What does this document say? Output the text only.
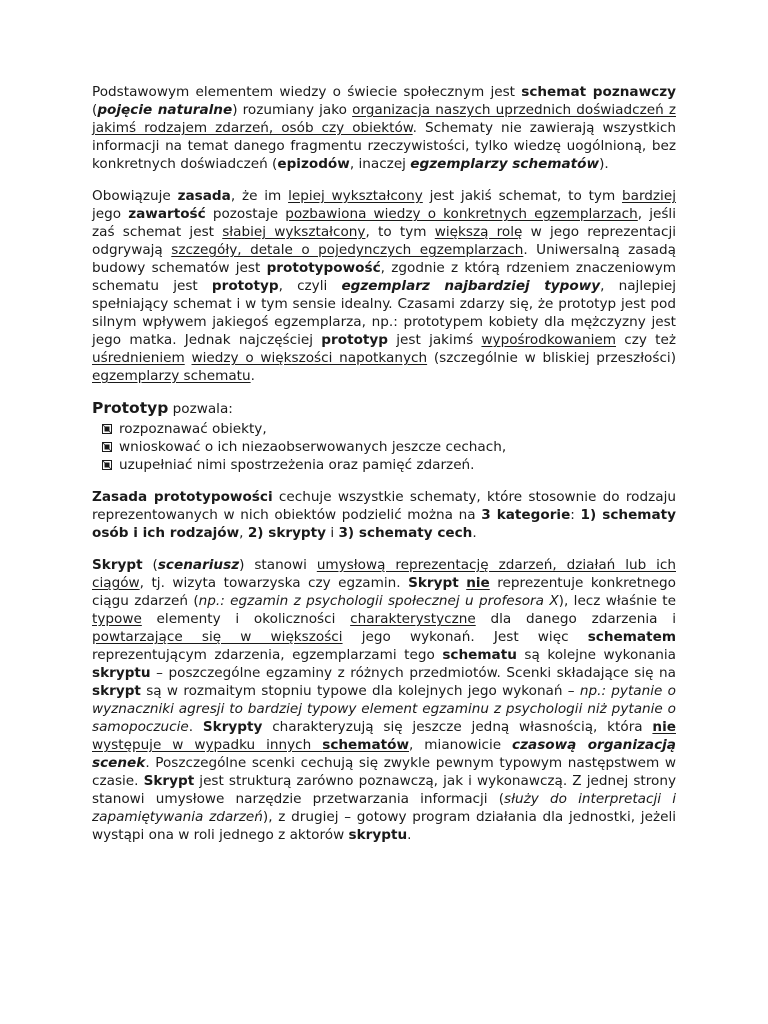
Podstawowym elementem wiedzy o świecie społecznym jest schemat poznawczy (pojęcie naturalne) rozumiany jako organizacja naszych uprzednich doświadczeń z jakimś rodzajem zdarzeń, osób czy obiektów. Schematy nie zawierają wszystkich informacji na temat danego fragmentu rzeczywistości, tylko wiedzę uogólnioną, bez konkretnych doświadczeń (epizodów, inaczej egzemplarzy schematów).

Obowiązuje zasada, że im lepiej wykształcony jest jakiś schemat, to tym bardziej jego zawartość pozostaje pozbawiona wiedzy o konkretnych egzemplarzach, jeśli zaś schemat jest słabiej wykształcony, to tym większą rolę w jego reprezentacji odgrywają szczegóły, detale o pojedynczych egzemplarzach. Uniwersalną zasadą budowy schematów jest prototypowość, zgodnie z którą rdzeniem znaczeniowym schematu jest prototyp, czyli egzemplarz najbardziej typowy, najlepiej spełniający schemat i w tym sensie idealny. Czasami zdarzy się, że prototyp jest pod silnym wpływem jakiegoś egzemplarza, np.: prototypem kobiety dla mężczyzny jest jego matka. Jednak najczęściej prototyp jest jakimś wypośrodkowaniem czy też uśrednieniem wiedzy o większości napotkanych (szczególnie w bliskiej przeszłości) egzemplarzy schematu.

Prototyp pozwala:

rozpoznawać obiekty,
wnioskować o ich niezaobserwowanych jeszcze cechach,
uzupełniać nimi spostrzeżenia oraz pamięć zdarzeń.

Zasada prototypowości cechuje wszystkie schematy, które stosownie do rodzaju reprezentowanych w nich obiektów podzielić można na 3 kategorie: 1) schematy osób i ich rodzajów, 2) skrypty i 3) schematy cech.

Skrypt (scenariusz) stanowi umysłową reprezentację zdarzeń, działań lub ich ciągów, tj. wizyta towarzyska czy egzamin. Skrypt nie reprezentuje konkretnego ciągu zdarzeń (np.: egzamin z psychologii społecznej u profesora X), lecz właśnie te typowe elementy i okoliczności charakterystyczne dla danego zdarzenia i powtarzające się w większości jego wykonań. Jest więc schematem reprezentującym zdarzenia, egzemplarzami tego schematu są kolejne wykonania skryptu – poszczególne egzaminy z różnych przedmiotów. Scenki składające się na skrypt są w rozmaitym stopniu typowe dla kolejnych jego wykonań – np.: pytanie o wyznaczniki agresji to bardziej typowy element egzaminu z psychologii niż pytanie o samopoczucie. Skrypty charakteryzują się jeszcze jedną własnością, która nie występuje w wypadku innych schematów, mianowicie czasową organizacją scenek. Poszczególne scenki cechują się zwykle pewnym typowym następstwem w czasie. Skrypt jest strukturą zarówno poznawczą, jak i wykonawczą. Z jednej strony stanowi umysłowe narzędzie przetwarzania informacji (służy do interpretacji i zapamiętywania zdarzeń), z drugiej – gotowy program działania dla jednostki, jeżeli wystąpi ona w roli jednego z aktorów skryptu.
